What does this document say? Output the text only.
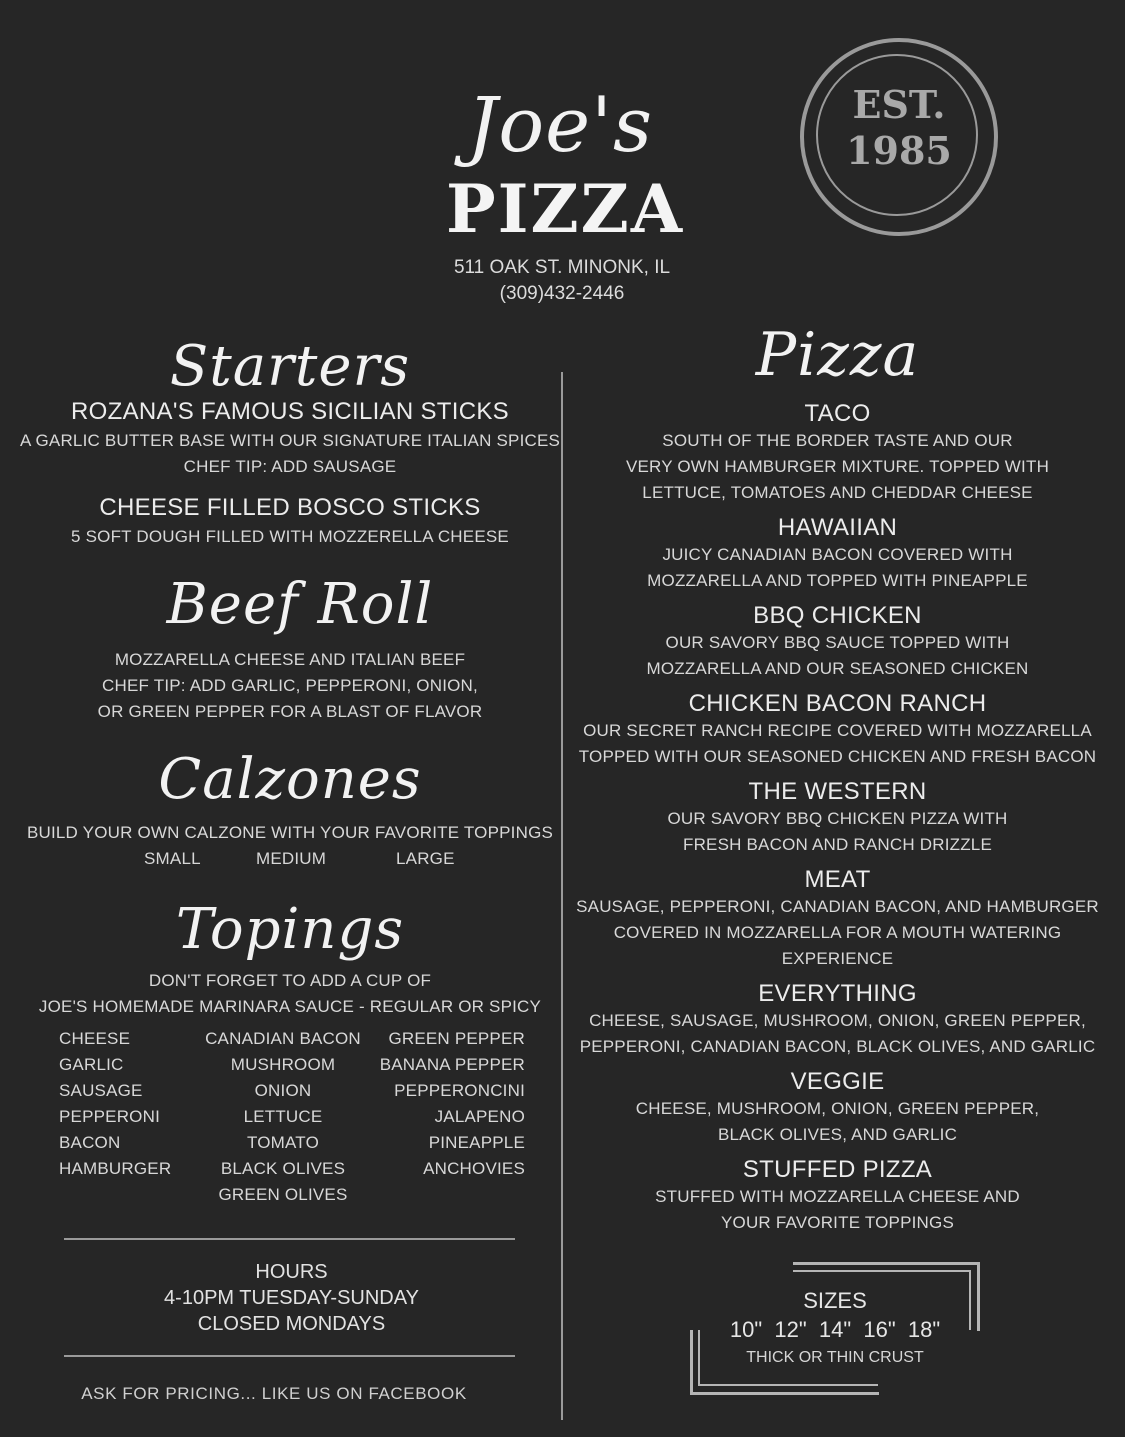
Joe's
PIZZA
511 OAK ST. MINONK, IL
(309)432-2446
EST.
1985
Starters
ROZANA'S FAMOUS SICILIAN STICKS
A GARLIC BUTTER BASE WITH OUR SIGNATURE ITALIAN SPICES
CHEF TIP: ADD SAUSAGE
CHEESE FILLED BOSCO STICKS
5 SOFT DOUGH FILLED WITH MOZZERELLA CHEESE
Beef Roll
MOZZARELLA CHEESE AND ITALIAN BEEF
CHEF TIP: ADD GARLIC, PEPPERONI, ONION,
OR GREEN PEPPER FOR A BLAST OF FLAVOR
Calzones
BUILD YOUR OWN CALZONE WITH YOUR FAVORITE TOPPINGS
SMALL	MEDIUM	LARGE
Topings
DON'T FORGET TO ADD A CUP OF
JOE'S HOMEMADE MARINARA SAUCE - REGULAR OR SPICY
CHEESE
GARLIC
SAUSAGE
PEPPERONI
BACON
HAMBURGER
CANADIAN BACON
MUSHROOM
ONION
LETTUCE
TOMATO
BLACK OLIVES
GREEN OLIVES
GREEN PEPPER
BANANA PEPPER
PEPPERONCINI
JALAPENO
PINEAPPLE
ANCHOVIES
HOURS
4-10PM TUESDAY-SUNDAY
CLOSED MONDAYS
ASK FOR PRICING... LIKE US ON FACEBOOK
Pizza
TACO
SOUTH OF THE BORDER TASTE AND OUR
VERY OWN HAMBURGER MIXTURE. TOPPED WITH
LETTUCE, TOMATOES AND CHEDDAR CHEESE
HAWAIIAN
JUICY CANADIAN BACON COVERED WITH
MOZZARELLA AND TOPPED WITH PINEAPPLE
BBQ CHICKEN
OUR SAVORY BBQ SAUCE TOPPED WITH
MOZZARELLA AND OUR SEASONED CHICKEN
CHICKEN BACON RANCH
OUR SECRET RANCH RECIPE COVERED WITH MOZZARELLA
TOPPED WITH OUR SEASONED CHICKEN AND FRESH BACON
THE WESTERN
OUR SAVORY BBQ CHICKEN PIZZA WITH
FRESH BACON AND RANCH DRIZZLE
MEAT
SAUSAGE, PEPPERONI, CANADIAN BACON, AND HAMBURGER
COVERED IN MOZZARELLA FOR A MOUTH WATERING EXPERIENCE
EVERYTHING
CHEESE, SAUSAGE, MUSHROOM, ONION, GREEN PEPPER,
PEPPERONI, CANADIAN BACON, BLACK OLIVES, AND GARLIC
VEGGIE
CHEESE, MUSHROOM, ONION, GREEN PEPPER,
BLACK OLIVES, AND GARLIC
STUFFED PIZZA
STUFFED WITH MOZZARELLA CHEESE AND
YOUR FAVORITE TOPPINGS
SIZES
10"  12"  14"  16"  18"
THICK OR THIN CRUST
